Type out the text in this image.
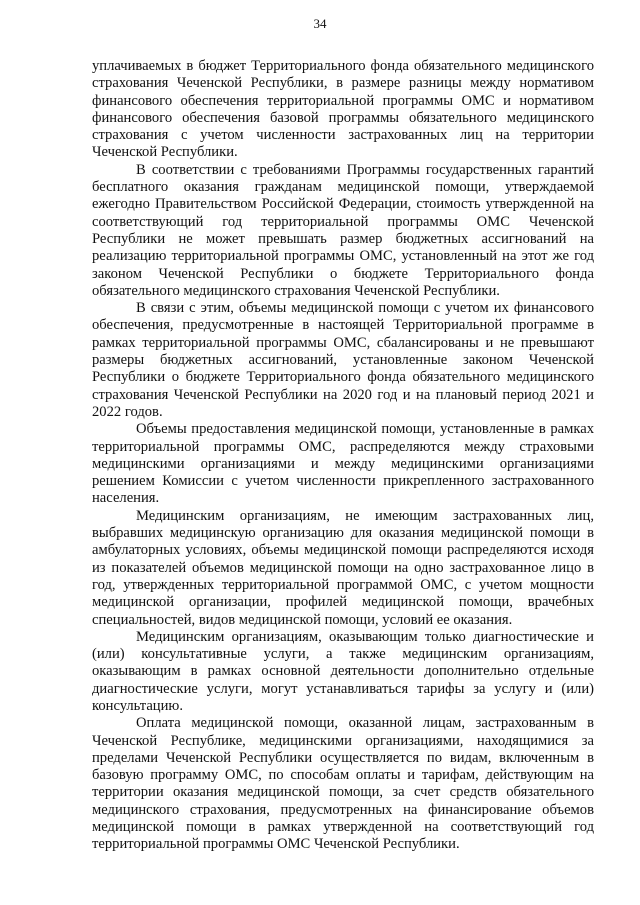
34

уплачиваемых в бюджет Территориального фонда обязательного медицинского страхования Чеченской Республики, в размере разницы между нормативом финансового обеспечения территориальной программы ОМС и нормативом финансового обеспечения базовой программы обязательного медицинского страхования с учетом численности застрахованных лиц на территории Чеченской Республики.

В соответствии с требованиями Программы государственных гарантий бесплатного оказания гражданам медицинской помощи, утверждаемой ежегодно Правительством Российской Федерации, стоимость утвержденной на соответствующий год территориальной программы ОМС Чеченской Республики не может превышать размер бюджетных ассигнований на реализацию территориальной программы ОМС, установленный на этот же год законом Чеченской Республики о бюджете Территориального фонда обязательного медицинского страхования Чеченской Республики.

В связи с этим, объемы медицинской помощи с учетом их финансового обеспечения, предусмотренные в настоящей Территориальной программе в рамках территориальной программы ОМС, сбалансированы и не превышают размеры бюджетных ассигнований, установленные законом Чеченской Республики о бюджете Территориального фонда обязательного медицинского страхования Чеченской Республики на 2020 год и на плановый период 2021 и 2022 годов.

Объемы предоставления медицинской помощи, установленные в рамках территориальной программы ОМС, распределяются между страховыми медицинскими организациями и между медицинскими организациями решением Комиссии с учетом численности прикрепленного застрахованного населения.

Медицинским организациям, не имеющим застрахованных лиц, выбравших медицинскую организацию для оказания медицинской помощи в амбулаторных условиях, объемы медицинской помощи распределяются исходя из показателей объемов медицинской помощи на одно застрахованное лицо в год, утвержденных территориальной программой ОМС, с учетом мощности медицинской организации, профилей медицинской помощи, врачебных специальностей, видов медицинской помощи, условий ее оказания.

Медицинским организациям, оказывающим только диагностические и (или) консультативные услуги, а также медицинским организациям, оказывающим в рамках основной деятельности дополнительно отдельные диагностические услуги, могут устанавливаться тарифы за услугу и (или) консультацию.

Оплата медицинской помощи, оказанной лицам, застрахованным в Чеченской Республике, медицинскими организациями, находящимися за пределами Чеченской Республики осуществляется по видам, включенным в базовую программу ОМС, по способам оплаты и тарифам, действующим на территории оказания медицинской помощи, за счет средств обязательного медицинского страхования, предусмотренных на финансирование объемов медицинской помощи в рамках утвержденной на соответствующий год территориальной программы ОМС Чеченской Республики.
